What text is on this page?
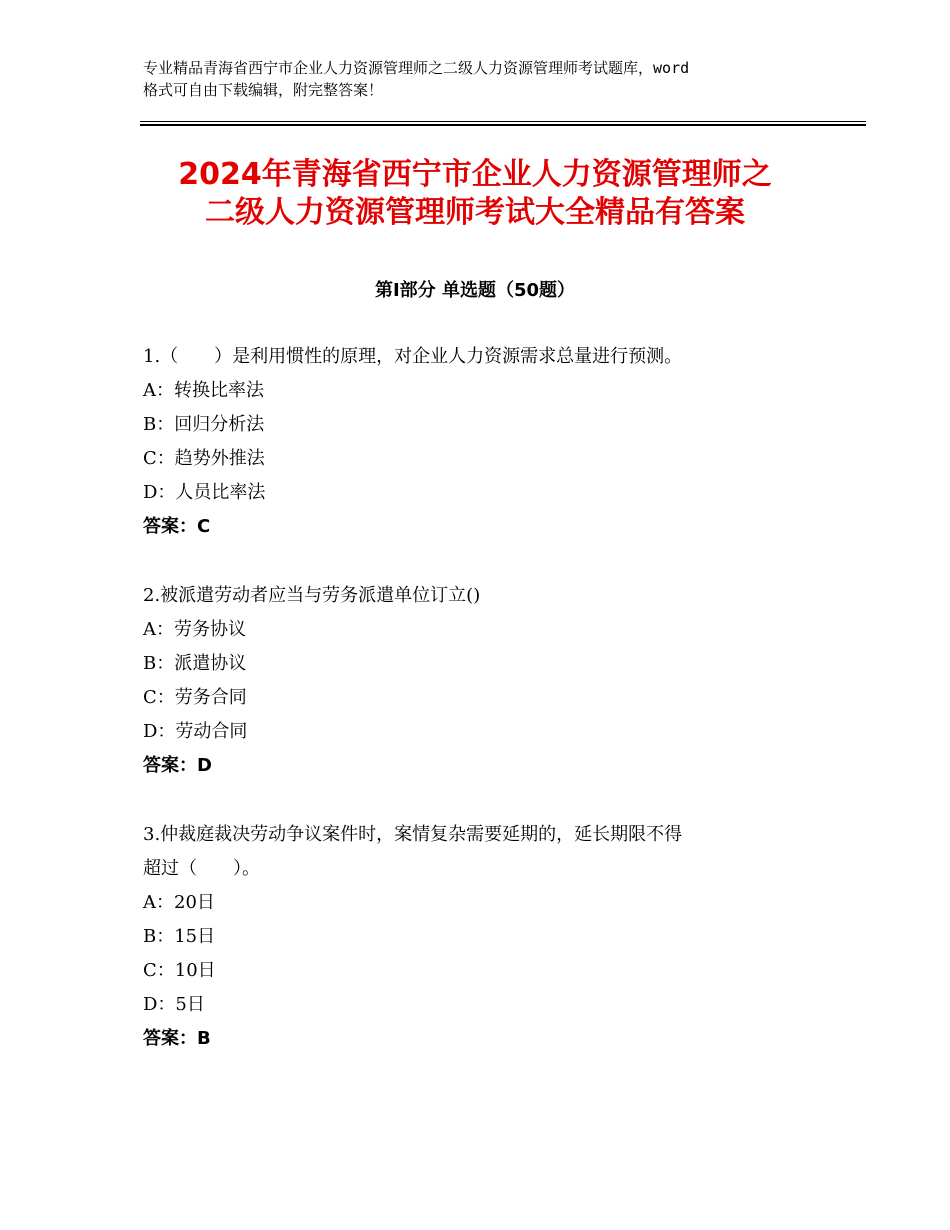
专业精品青海省西宁市企业人力资源管理师之二级人力资源管理师考试题库，word
格式可自由下载编辑，附完整答案！
2024年青海省西宁市企业人力资源管理师之
二级人力资源管理师考试大全精品有答案
第Ⅰ部分 单选题（50题）
1.（　　）是利用惯性的原理，对企业人力资源需求总量进行预测。
A：转换比率法
B：回归分析法
C：趋势外推法
D：人员比率法
答案：C
2.被派遣劳动者应当与劳务派遣单位订立()
A：劳务协议
B：派遣协议
C：劳务合同
D：劳动合同
答案：D
3.仲裁庭裁决劳动争议案件时，案情复杂需要延期的，延长期限不得
超过（　　）。
A：20日
B：15日
C：10日
D：5日
答案：B
